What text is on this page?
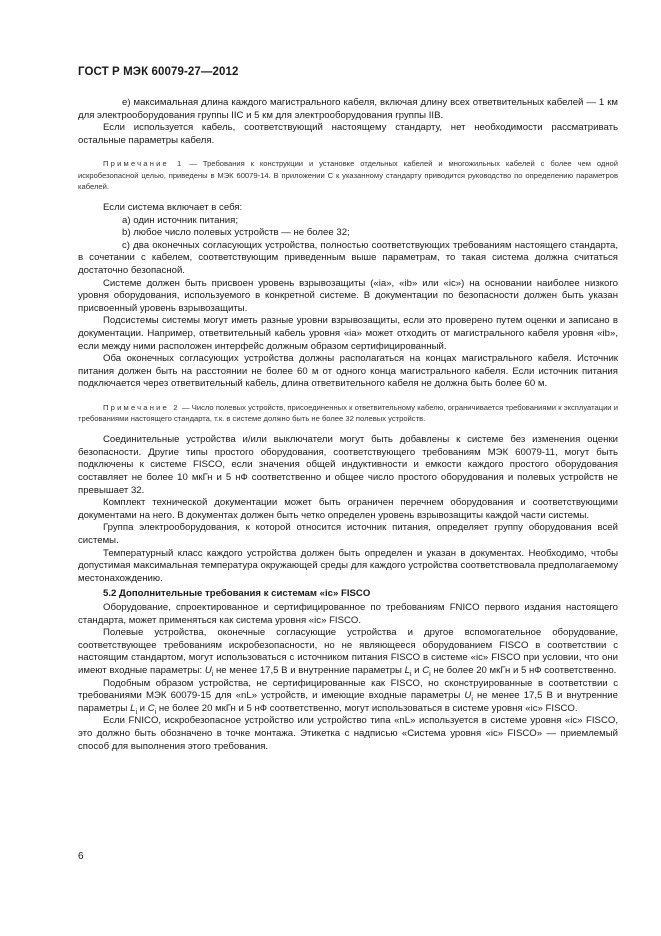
ГОСТ Р МЭК 60079-27—2012

е) максимальная длина каждого магистрального кабеля, включая длину всех ответвительных кабелей — 1 км для электрооборудования группы IIC и 5 км для электрооборудования группы IIB.

Если используется кабель, соответствующий настоящему стандарту, нет необходимости рассматривать остальные параметры кабеля.

Примечание 1 — Требования к конструкции и установке отдельных кабелей и многожильных кабелей с более чем одной искробезопасной целью, приведены в МЭК 60079-14. В приложении С к указанному стандарту приводится руководство по определению параметров кабелей.

Если система включает в себя:

а) один источник питания;

b) любое число полевых устройств — не более 32;

с) два оконечных согласующих устройства, полностью соответствующих требованиям настоящего стандарта, в сочетании с кабелем, соответствующим приведенным выше параметрам, то такая система должна считаться достаточно безопасной.

Системе должен быть присвоен уровень взрывозащиты («ia», «ib» или «ic») на основании наиболее низкого уровня оборудования, используемого в конкретной системе. В документации по безопасности должен быть указан присвоенный уровень взрывозащиты.

Подсистемы системы могут иметь разные уровни взрывозащиты, если это проверено путем оценки и записано в документации. Например, ответвительный кабель уровня «ia» может отходить от магистрального кабеля уровня «ib», если между ними расположен интерфейс должным образом сертифицированный.

Оба оконечных согласующих устройства должны располагаться на концах магистрального кабеля. Источник питания должен быть на расстоянии не более 60 м от одного конца магистрального кабеля. Если источник питания подключается через ответвительный кабель, длина ответвительного кабеля не должна быть более 60 м.

Примечание 2 — Число полевых устройств, присоединенных к ответвительному кабелю, ограничивается требованиями к эксплуатации и требованиями настоящего стандарта, т.к. в системе должно быть не более 32 полевых устройств.

Соединительные устройства и/или выключатели могут быть добавлены к системе без изменения оценки безопасности. Другие типы простого оборудования, соответствующего требованиям МЭК 60079-11, могут быть подключены к системе FISCO, если значения общей индуктивности и емкости каждого простого оборудования составляет не более 10 мкГн и 5 нФ соответственно и общее число простого оборудования и полевых устройств не превышает 32.

Комплект технической документации может быть ограничен перечнем оборудования и соответствующими документами на него. В документах должен быть четко определен уровень взрывозащиты каждой части системы.

Группа электрооборудования, к которой относится источник питания, определяет группу оборудования всей системы.

Температурный класс каждого устройства должен быть определен и указан в документах. Необходимо, чтобы допустимая максимальная температура окружающей среды для каждого устройства соответствовала предполагаемому местонахождению.

5.2 Дополнительные требования к системам «ic» FISCO

Оборудование, спроектированное и сертифицированное по требованиям FNICO первого издания настоящего стандарта, может применяться как система уровня «ic» FISCO.

Полевые устройства, оконечные согласующие устройства и другое вспомогательное оборудование, соответствующее требованиям искробезопасности, но не являющееся оборудованием FISCO в соответствии с настоящим стандартом, могут использоваться с источником питания FISCO в системе «ic» FISCO при условии, что они имеют входные параметры: $U_i$ не менее 17,5 В и внутренние параметры $L_i$ и $C_i$ не более 20 мкГн и 5 нФ соответственно.

Подобным образом устройства, не сертифицированные как FISCO, но сконструированные в соответствии с требованиями МЭК 60079-15 для «nL» устройств, и имеющие входные параметры $U_i$ не менее 17,5 В и внутренние параметры $L_i$ и $C_i$ не более 20 мкГн и 5 нФ соответственно, могут использоваться в системе уровня «ic» FISCO.

Если FNICO, искробезопасное устройство или устройство типа «nL» используется в системе уровня «ic» FISCO, это должно быть обозначено в точке монтажа. Этикетка с надписью «Система уровня «ic» FISCO» — приемлемый способ для выполнения этого требования.

6
